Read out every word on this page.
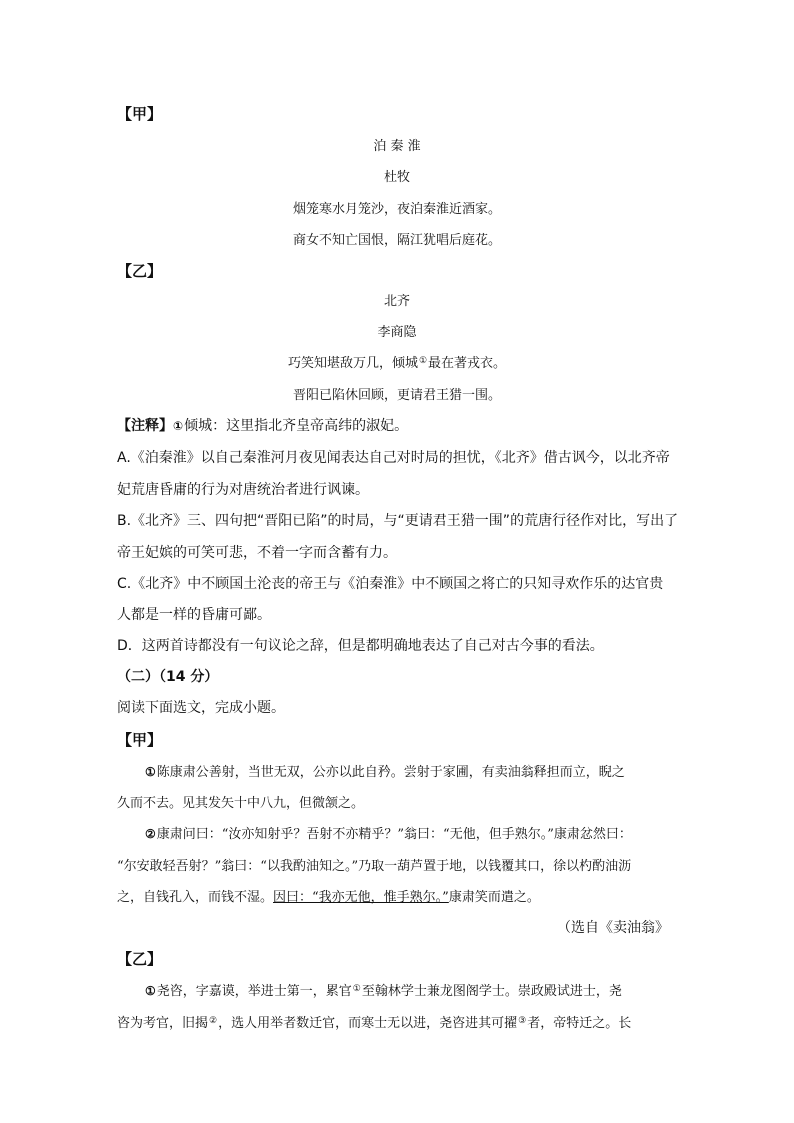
【甲】
泊 秦 淮
杜牧
烟笼寒水月笼沙，夜泊秦淮近酒家。
商女不知亡国恨，隔江犹唱后庭花。
【乙】
北齐
李商隐
巧笑知堪敌万几，倾城①最在著戎衣。
晋阳已陷休回顾，更请君王猎一围。
【注释】①倾城：这里指北齐皇帝高纬的淑妃。
A.《泊秦淮》以自己秦淮河月夜见闻表达自己对时局的担忧，《北齐》借古讽今，以北齐帝
妃荒唐昏庸的行为对唐统治者进行讽谏。
B.《北齐》三、四句把“晋阳已陷”的时局，与“更请君王猎一围”的荒唐行径作对比，写出了
帝王妃嫔的可笑可悲，不着一字而含蓄有力。
C.《北齐》中不顾国土沦丧的帝王与《泊秦淮》中不顾国之将亡的只知寻欢作乐的达官贵
人都是一样的昏庸可鄙。
D．这两首诗都没有一句议论之辞，但是都明确地表达了自己对古今事的看法。
（二）（14 分）
阅读下面选文，完成小题。
【甲】
①陈康肃公善射，当世无双，公亦以此自矜。尝射于家圃，有卖油翁释担而立，睨之
久而不去。见其发矢十中八九，但微颔之。
②康肃问曰：“汝亦知射乎？吾射不亦精乎？”翁曰：“无他，但手熟尔。”康肃忿然曰：
“尔安敢轻吾射？”翁曰：“以我酌油知之。”乃取一葫芦置于地，以钱覆其口，徐以杓酌油沥
之，自钱孔入，而钱不湿。因曰：“我亦无他，惟手熟尔。”康肃笑而遣之。
（选自《卖油翁》
【乙】
①尧咨，字嘉谟，举进士第一，累官①至翰林学士兼龙图阁学士。崇政殿试进士，尧
咨为考官，旧揭②，选人用举者数迁官，而寒士无以进，尧咨进其可擢③者，帝特迁之。长
